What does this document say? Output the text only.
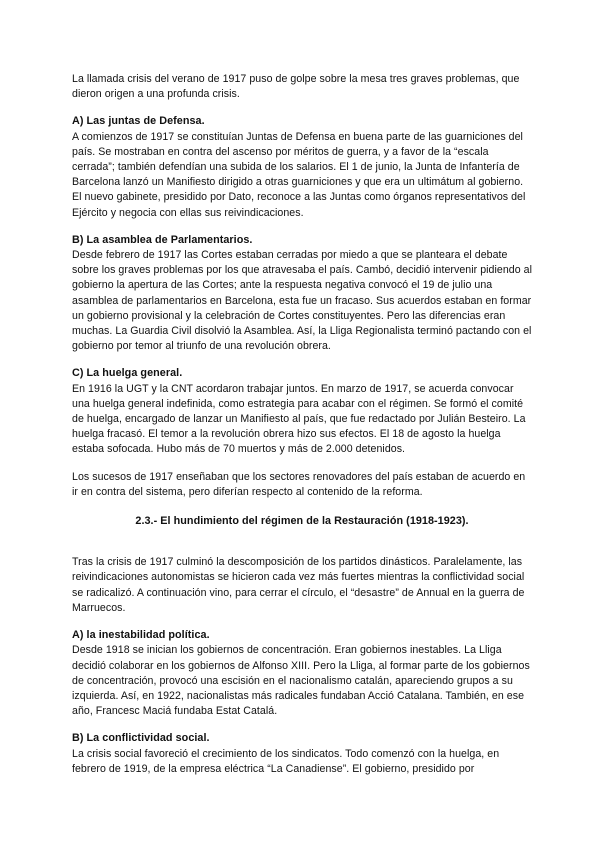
La llamada crisis del verano de 1917 puso de golpe sobre la mesa tres graves problemas, que dieron origen a una profunda crisis.

A) Las juntas de Defensa.

A comienzos de 1917 se constituían Juntas de Defensa en buena parte de las guarniciones del país. Se mostraban en contra del ascenso por méritos de guerra, y a favor de la “escala cerrada”; también defendían una subida de los salarios. El 1 de junio, la Junta de Infantería de Barcelona lanzó un Manifiesto dirigido a otras guarniciones y que era un ultimátum al gobierno. El nuevo gabinete, presidido por Dato, reconoce a las Juntas como órganos representativos del Ejército y negocia con ellas sus reivindicaciones.

B) La asamblea de Parlamentarios.

Desde febrero de 1917 las Cortes estaban cerradas por miedo a que se planteara el debate sobre los graves problemas por los que atravesaba el país. Cambó, decidió intervenir pidiendo al gobierno la apertura de las Cortes; ante la respuesta negativa convocó el 19 de julio una asamblea de parlamentarios en Barcelona, esta fue un fracaso. Sus acuerdos estaban en formar un gobierno provisional y la celebración de Cortes constituyentes. Pero las diferencias eran muchas. La Guardia Civil disolvió la Asamblea. Así, la Lliga Regionalista terminó pactando con el gobierno por temor al triunfo de una revolución obrera.

C) La huelga general.

En 1916 la UGT y la CNT acordaron trabajar juntos. En marzo de 1917, se acuerda convocar una huelga general indefinida, como estrategia para acabar con el régimen. Se formó el comité de huelga, encargado de lanzar un Manifiesto al país, que fue redactado por Julián Besteiro. La huelga fracasó. El temor a la revolución obrera hizo sus efectos. El 18 de agosto la huelga estaba sofocada. Hubo más de 70 muertos y más de 2.000 detenidos.

Los sucesos de 1917 enseñaban que los sectores renovadores del país estaban de acuerdo en ir en contra del sistema, pero diferían respecto al contenido de la reforma.

2.3.- El hundimiento del régimen de la Restauración (1918-1923).

Tras la crisis de 1917 culminó la descomposición de los partidos dinásticos. Paralelamente, las reivindicaciones autonomistas se hicieron cada vez más fuertes mientras la conflictividad social se radicalizó. A continuación vino, para cerrar el círculo, el “desastre” de Annual en la guerra de Marruecos.

A) la inestabilidad política.

Desde 1918 se inician los gobiernos de concentración. Eran gobiernos inestables. La Lliga decidió colaborar en los gobiernos de Alfonso XIII. Pero la Lliga, al formar parte de los gobiernos de concentración, provocó una escisión en el nacionalismo catalán, apareciendo grupos a su izquierda. Así, en 1922, nacionalistas más radicales fundaban Acció Catalana. También, en ese año, Francesc Maciá fundaba Estat Catalá.

B) La conflictividad social.

La crisis social favoreció el crecimiento de los sindicatos. Todo comenzó con la huelga, en febrero de 1919, de la empresa eléctrica “La Canadiense”. El gobierno, presidido por
